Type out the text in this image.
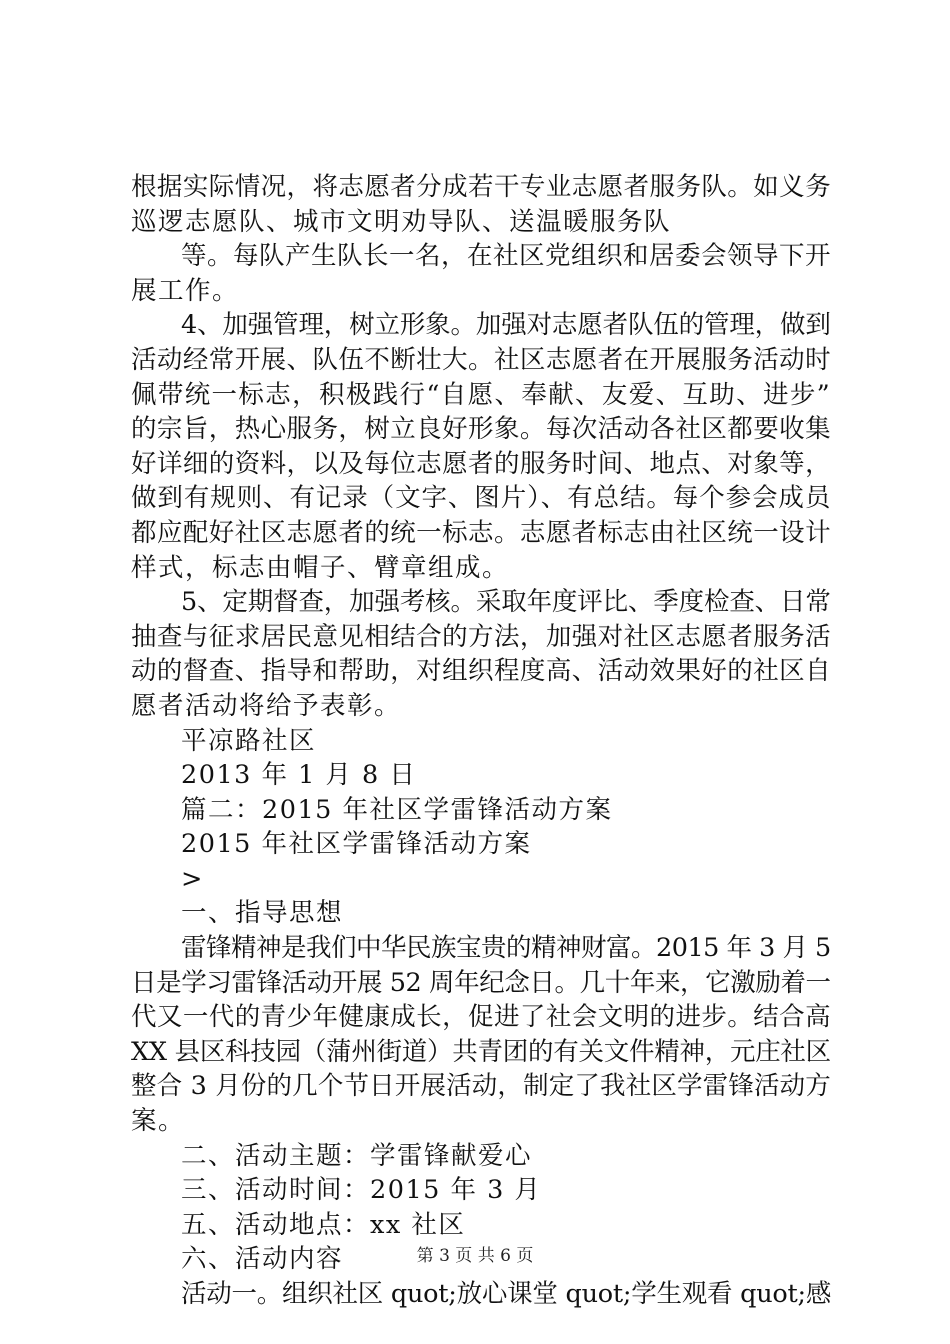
根据实际情况，将志愿者分成若干专业志愿者服务队。如义务
巡逻志愿队、城市文明劝导队、送温暖服务队
等。每队产生队长一名，在社区党组织和居委会领导下开
展工作。
4、加强管理，树立形象。加强对志愿者队伍的管理，做到
活动经常开展、队伍不断壮大。社区志愿者在开展服务活动时
佩带统一标志，积极践行“自愿、奉献、友爱、互助、进步”
的宗旨，热心服务，树立良好形象。每次活动各社区都要收集
好详细的资料，以及每位志愿者的服务时间、地点、对象等，
做到有规则、有记录（文字、图片）、有总结。每个参会成员
都应配好社区志愿者的统一标志。志愿者标志由社区统一设计
样式，标志由帽子、臂章组成。
5、定期督查，加强考核。采取年度评比、季度检查、日常
抽查与征求居民意见相结合的方法，加强对社区志愿者服务活
动的督查、指导和帮助，对组织程度高、活动效果好的社区自
愿者活动将给予表彰。
平凉路社区
2013 年 1 月 8 日
篇二：2015 年社区学雷锋活动方案
2015 年社区学雷锋活动方案
>
一、指导思想
雷锋精神是我们中华民族宝贵的精神财富。2015 年 3 月 5
日是学习雷锋活动开展 52 周年纪念日。几十年来，它激励着一
代又一代的青少年健康成长，促进了社会文明的进步。结合高
XX 县区科技园（蒲州街道）共青团的有关文件精神，元庄社区
整合 3 月份的几个节日开展活动，制定了我社区学雷锋活动方
案。
二、活动主题：学雷锋献爱心
三、活动时间：2015 年 3 月
五、活动地点：xx 社区
六、活动内容
活动一。组织社区 quot;放心课堂 quot;学生观看 quot;感
第 3 页 共 6 页
